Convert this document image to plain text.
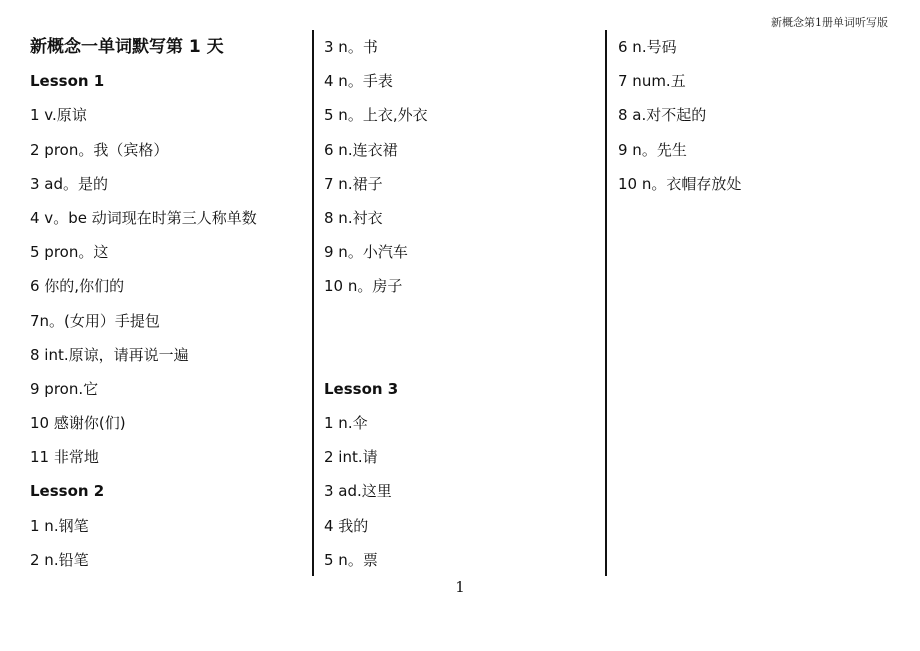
新概念第1册单词听写版
新概念一单词默写第 1 天
Lesson 1
1 v.原谅
2 pron。我（宾格）
3 ad。是的
4 v。be 动词现在时第三人称单数
5 pron。这
6 你的,你们的
7n。(女用）手提包
8 int.原谅，请再说一遍
9 pron.它
10 感谢你(们)
11 非常地
Lesson 2
1 n.钢笔
2 n.铅笔
3 n。书
4 n。手表
5 n。上衣,外衣
6 n.连衣裙
7 n.裙子
8 n.衬衣
9 n。小汽车
10 n。房子
Lesson 3
1 n.伞
2 int.请
3 ad.这里
4 我的
5 n。票
6 n.号码
7 num.五
8 a.对不起的
9 n。先生
10 n。衣帽存放处
1
